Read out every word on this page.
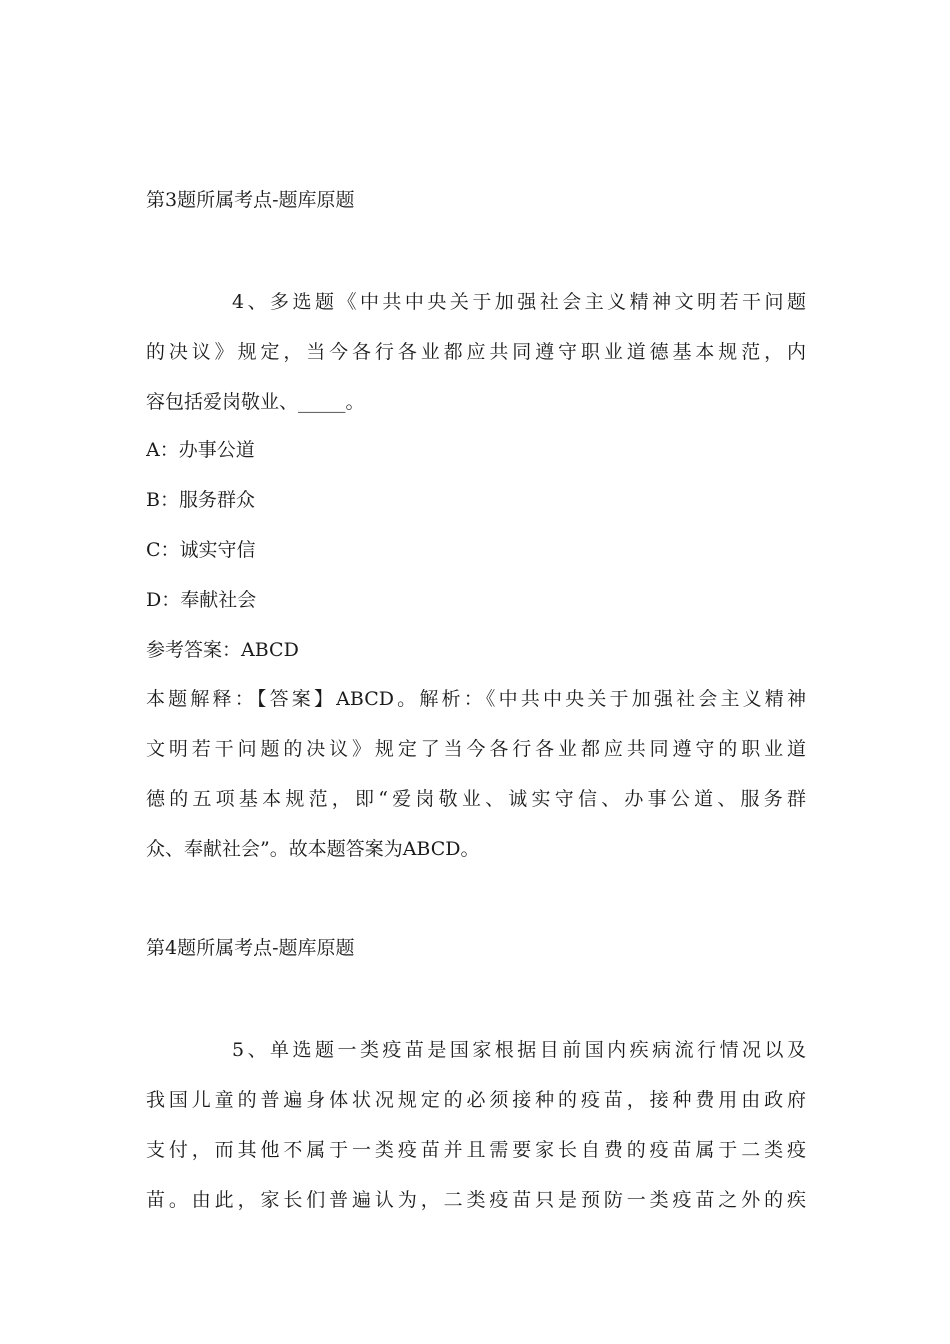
第3题所属考点-题库原题
4、多选题《中共中央关于加强社会主义精神文明若干问题
的决议》规定，当今各行各业都应共同遵守职业道德基本规范，内
容包括爱岗敬业、_____。
A：办事公道
B：服务群众
C：诚实守信
D：奉献社会
参考答案：ABCD
本题解释：【答案】ABCD。解析：《中共中央关于加强社会主义精神
文明若干问题的决议》规定了当今各行各业都应共同遵守的职业道
德的五项基本规范，即“爱岗敬业、诚实守信、办事公道、服务群
众、奉献社会”。故本题答案为ABCD。
第4题所属考点-题库原题
5、单选题一类疫苗是国家根据目前国内疾病流行情况以及
我国儿童的普遍身体状况规定的必须接种的疫苗，接种费用由政府
支付，而其他不属于一类疫苗并且需要家长自费的疫苗属于二类疫
苗。由此，家长们普遍认为，二类疫苗只是预防一类疫苗之外的疾
